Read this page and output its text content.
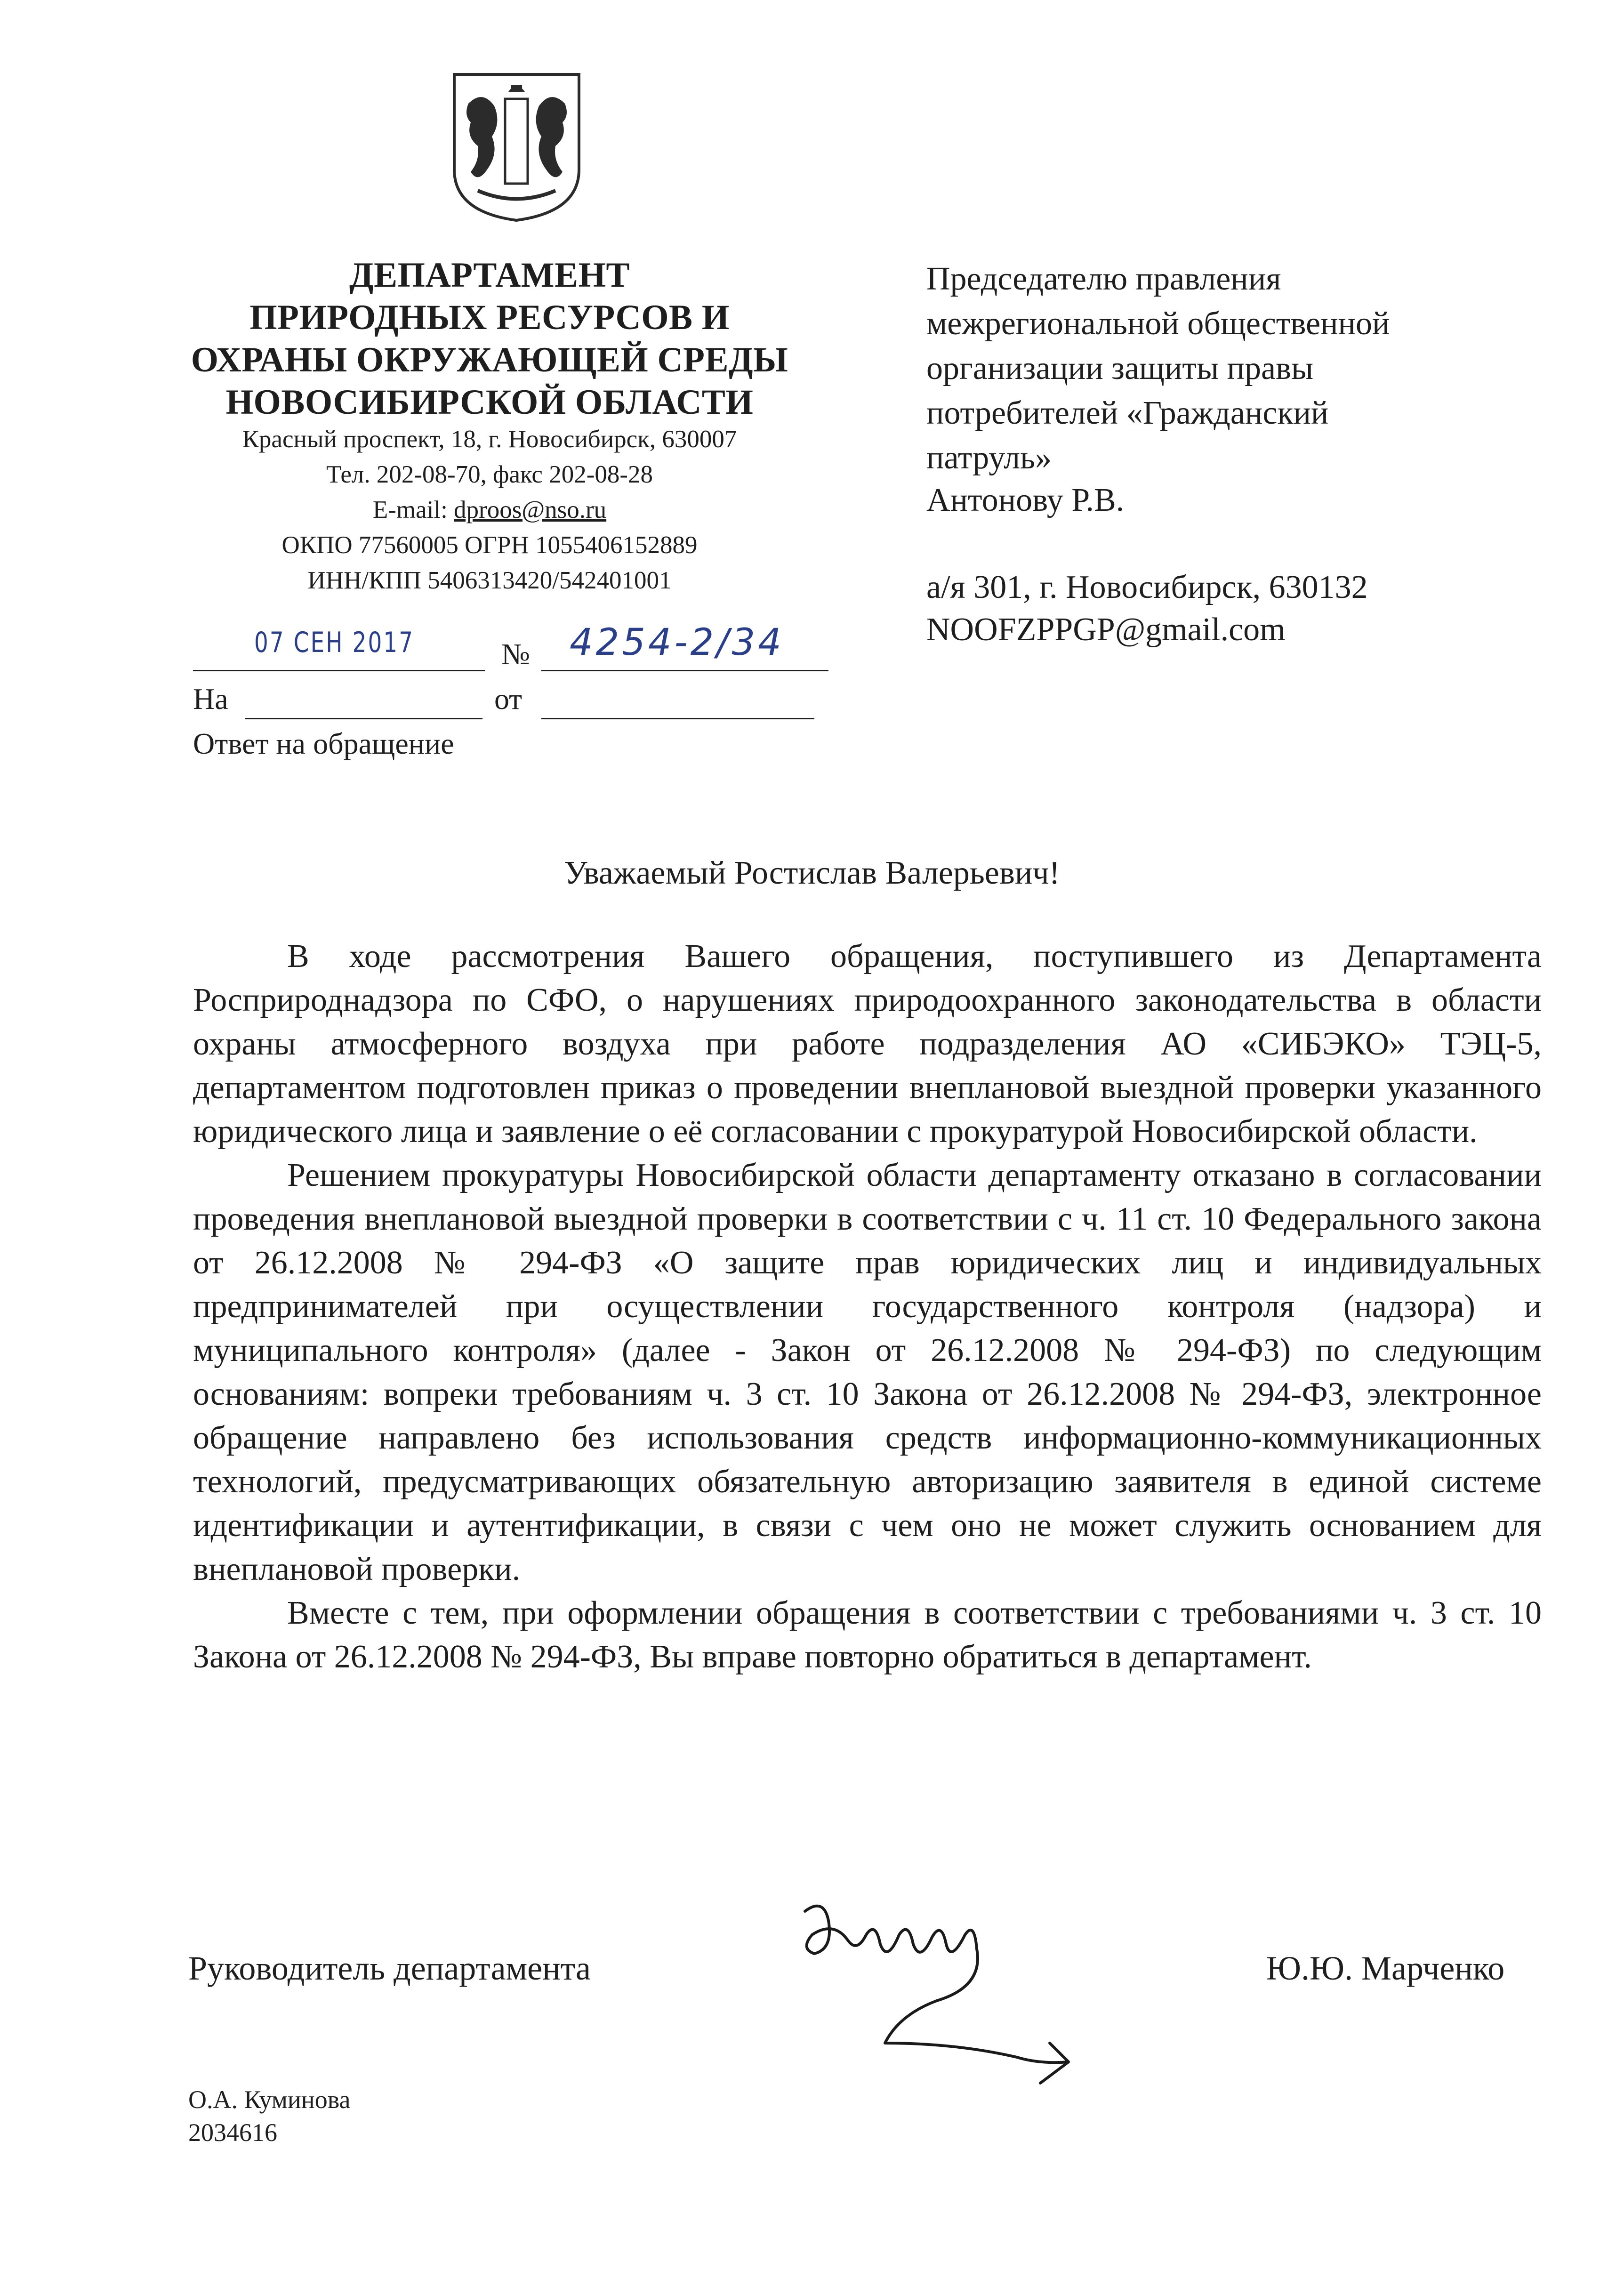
ДЕПАРТАМЕНТ
ПРИРОДНЫХ РЕСУРСОВ И
ОХРАНЫ ОКРУЖАЮЩЕЙ СРЕДЫ
НОВОСИБИРСКОЙ ОБЛАСТИ
Красный проспект, 18, г. Новосибирск, 630007
Тел. 202-08-70, факс 202-08-28
E-mail: dproos@nso.ru
ОКПО 77560005 ОГРН 1055406152889
ИНН/КПП 5406313420/542401001
07 СЕН 2017	№ 4254-2/34
На	от
Ответ на обращение
Председателю правления
межрегиональной общественной
организации защиты правы
потребителей «Гражданский
патруль»
Антонову Р.В.
а/я 301, г. Новосибирск, 630132
NOOFZPPGP@gmail.com
Уважаемый Ростислав Валерьевич!

В ходе рассмотрения Вашего обращения, поступившего из Департамента Росприроднадзора по СФО, о нарушениях природоохранного законодательства в области охраны атмосферного воздуха при работе подразделения АО «СИБЭКО» ТЭЦ-5, департаментом подготовлен приказ о проведении внеплановой выездной проверки указанного юридического лица и заявление о её согласовании с прокуратурой Новосибирской области.

Решением прокуратуры Новосибирской области департаменту отказано в согласовании проведения внеплановой выездной проверки в соответствии с ч. 11 ст. 10 Федерального закона от 26.12.2008 № 294-ФЗ «О защите прав юридических лиц и индивидуальных предпринимателей при осуществлении государственного контроля (надзора) и муниципального контроля» (далее - Закон от 26.12.2008 № 294-ФЗ) по следующим основаниям: вопреки требованиям ч. 3 ст. 10 Закона от 26.12.2008 № 294-ФЗ, электронное обращение направлено без использования средств информационно-коммуникационных технологий, предусматривающих обязательную авторизацию заявителя в единой системе идентификации и аутентификации, в связи с чем оно не может служить основанием для внеплановой проверки.

Вместе с тем, при оформлении обращения в соответствии с требованиями ч. 3 ст. 10 Закона от 26.12.2008 № 294-ФЗ, Вы вправе повторно обратиться в департамент.

Руководитель департамента	Ю.Ю. Марченко
О.А. Куминова
2034616
